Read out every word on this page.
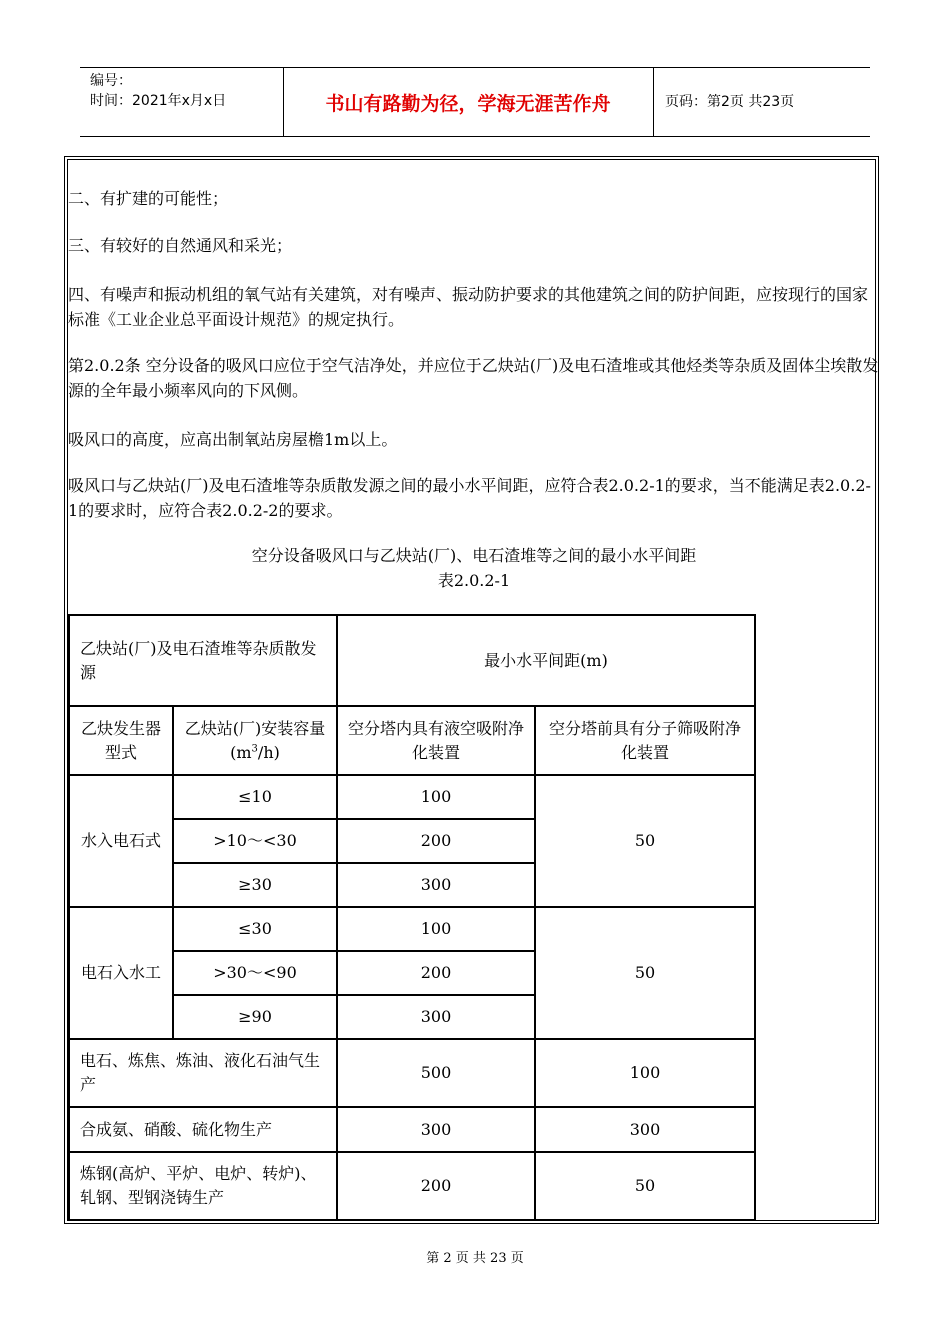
编号：
时间：2021年x月x日	书山有路勤为径，学海无涯苦作舟	页码：第2页 共23页
二、有扩建的可能性；
三、有较好的自然通风和采光；
四、有噪声和振动机组的氧气站有关建筑，对有噪声、振动防护要求的其他建筑之间的防护间距，应按现行的国家标准《工业企业总平面设计规范》的规定执行。
第2.0.2条 空分设备的吸风口应位于空气洁净处，并应位于乙炔站(厂)及电石渣堆或其他烃类等杂质及固体尘埃散发源的全年最小频率风向的下风侧。
吸风口的高度，应高出制氧站房屋檐1m以上。
吸风口与乙炔站(厂)及电石渣堆等杂质散发源之间的最小水平间距，应符合表2.0.2-1的要求，当不能满足表2.0.2-1的要求时，应符合表2.0.2-2的要求。
空分设备吸风口与乙炔站(厂)、电石渣堆等之间的最小水平间距
表2.0.2-1
乙炔站(厂)及电石渣堆等杂质散发源		最小水平间距(m)	
乙炔发生器型式	乙炔站(厂)安装容量$(m^3/h)$	空分塔内具有液空吸附净化装置	空分塔前具有分子筛吸附净化装置
水入电石式	≤10	100	50
	>10～<30	200	
	≥30	300	
电石入水工	≤30	100	50
	>30～<90	200	
	≥90	300	
电石、炼焦、炼油、液化石油气生产		500	100
合成氨、硝酸、硫化物生产		300	300
炼钢(高炉、平炉、电炉、转炉)、轧钢、型钢浇铸生产		200	50
第 2 页 共 23 页
